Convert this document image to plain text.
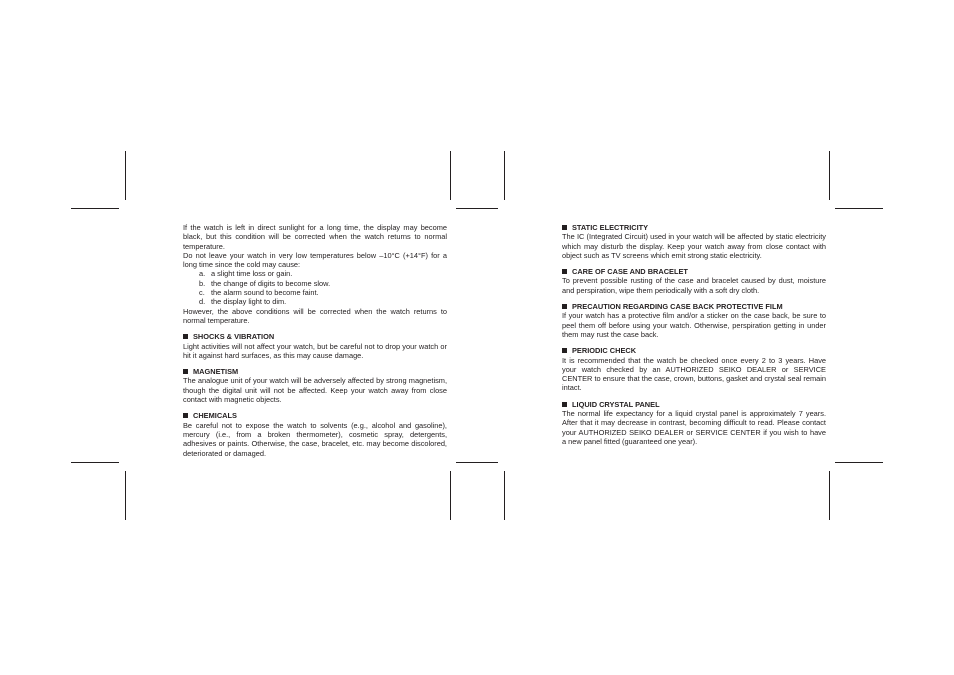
If the watch is left in direct sunlight for a long time, the display may become black, but this condition will be corrected when the watch returns to normal temperature.

Do not leave your watch in very low temperatures below –10°C (+14°F) for a long time since the cold may cause:

a. a slight time loss or gain.
b. the change of digits to become slow.
c. the alarm sound to become faint.
d. the display light to dim.

However, the above conditions will be corrected when the watch returns to normal temperature.

SHOCKS & VIBRATION

Light activities will not affect your watch, but be careful not to drop your watch or hit it against hard surfaces, as this may cause damage.

MAGNETISM

The analogue unit of your watch will be adversely affected by strong magnetism, though the digital unit will not be affected. Keep your watch away from close contact with magnetic objects.

CHEMICALS

Be careful not to expose the watch to solvents (e.g., alcohol and gasoline), mercury (i.e., from a broken thermometer), cosmetic spray, detergents, adhesives or paints. Otherwise, the case, bracelet, etc. may become discolored, deteriorated or damaged.

STATIC ELECTRICITY

The IC (Integrated Circuit) used in your watch will be affected by static electricity which may disturb the display. Keep your watch away from close contact with object such as TV screens which emit strong static electricity.

CARE OF CASE AND BRACELET

To prevent possible rusting of the case and bracelet caused by dust, moisture and perspiration, wipe them periodically with a soft dry cloth.

PRECAUTION REGARDING CASE BACK PROTECTIVE FILM

If your watch has a protective film and/or a sticker on the case back, be sure to peel them off before using your watch. Otherwise, perspiration getting in under them may rust the case back.

PERIODIC CHECK

It is recommended that the watch be checked once every 2 to 3 years. Have your watch checked by an AUTHORIZED SEIKO DEALER or SERVICE CENTER to ensure that the case, crown, buttons, gasket and crystal seal remain intact.

LIQUID CRYSTAL PANEL

The normal life expectancy for a liquid crystal panel is approximately 7 years. After that it may decrease in contrast, becoming difficult to read. Please contact your AUTHORIZED SEIKO DEALER or SERVICE CENTER if you wish to have a new panel fitted (guaranteed one year).
